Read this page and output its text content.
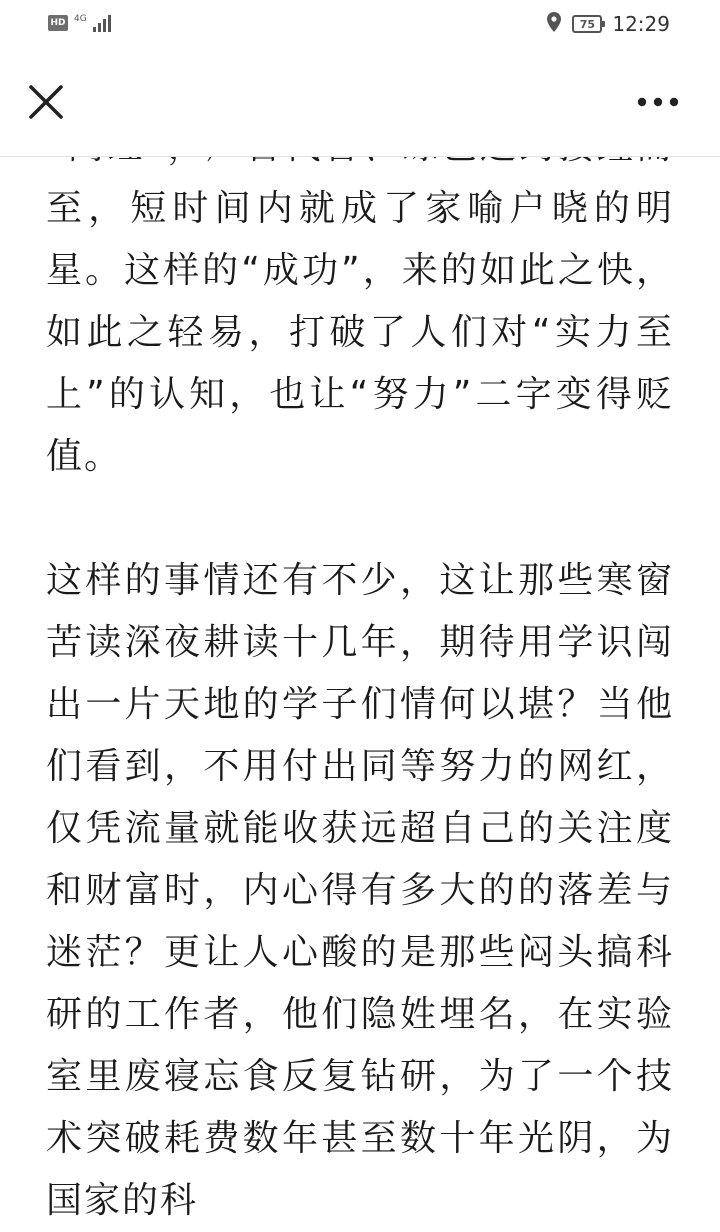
HD 4G	75 12:29

至，短时间内就成了家喻户晓的明星。这样的“成功”，来的如此之快，如此之轻易，打破了人们对“实力至上”的认知，也让“努力”二字变得贬值。

这样的事情还有不少，这让那些寒窗苦读深夜耕读十几年，期待用学识闯出一片天地的学子们情何以堪？当他们看到，不用付出同等努力的网红，仅凭流量就能收获远超自己的关注度和财富时，内心得有多大的的落差与迷茫？更让人心酸的是那些闷头搞科研的工作者，他们隐姓埋名，在实验室里废寝忘食反复钻研，为了一个技术突破耗费数年甚至数十年光阴，为国家的科
